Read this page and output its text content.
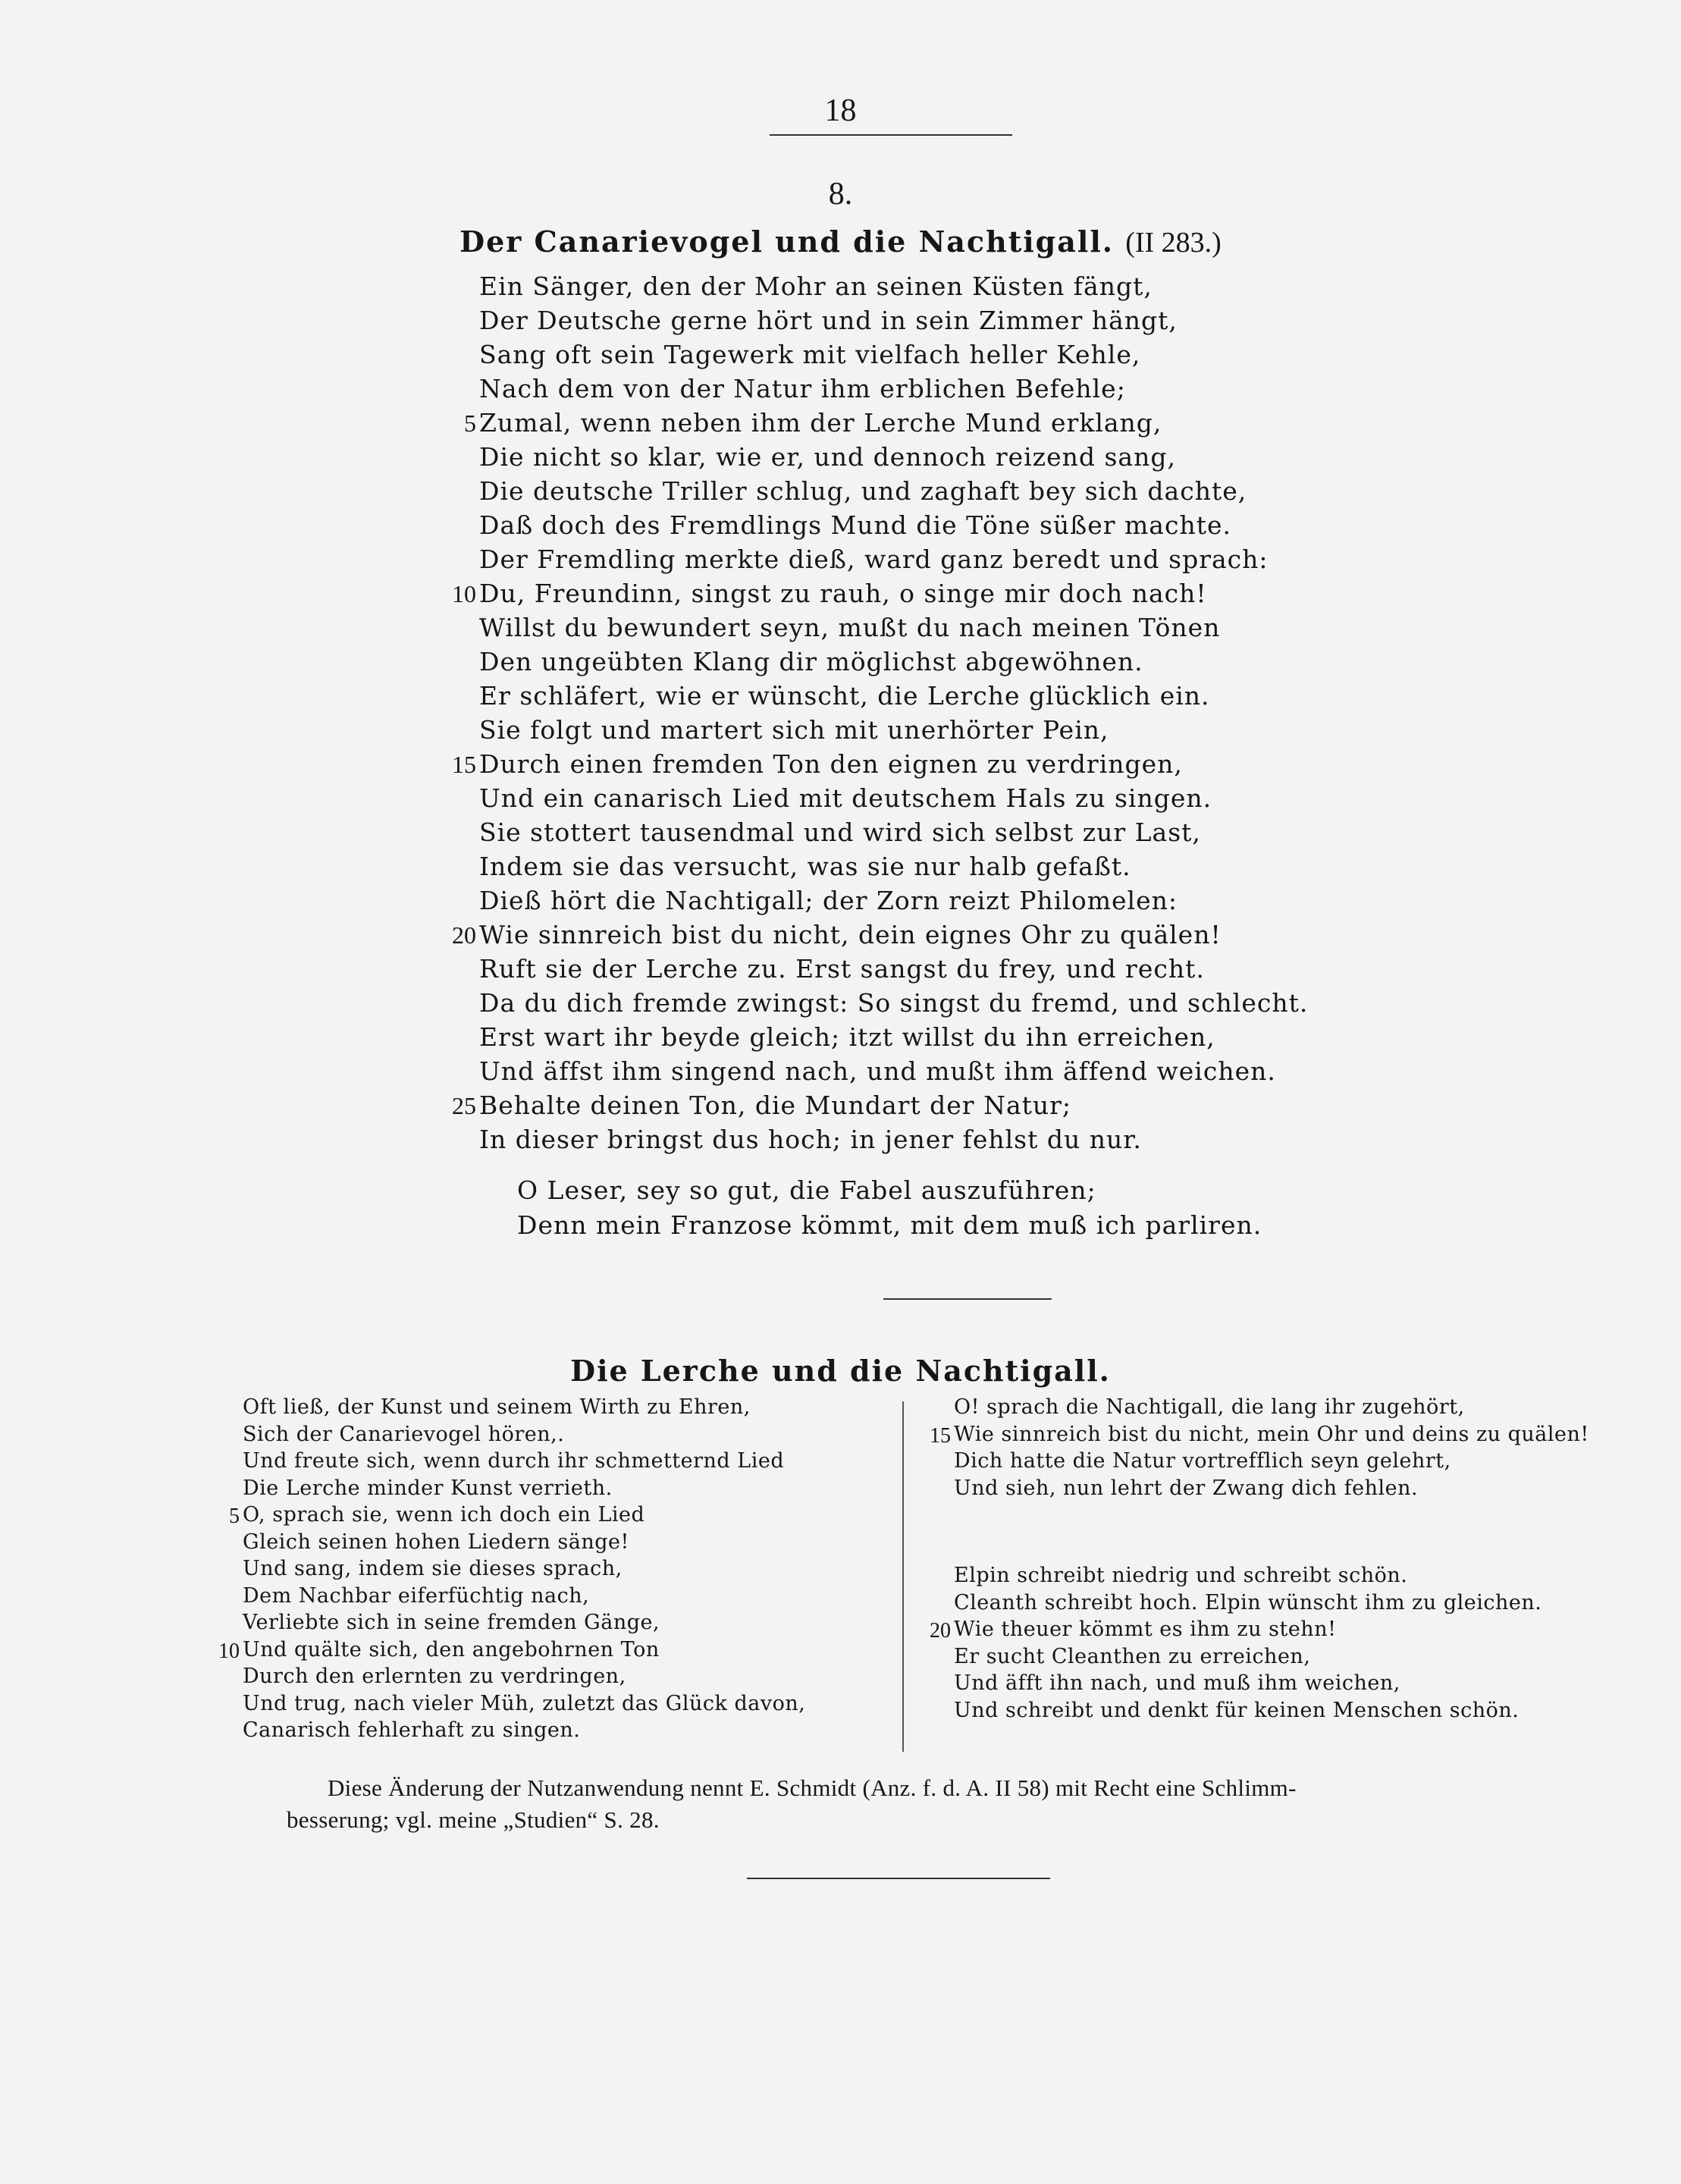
18
8.
Der Canarievogel und die Nachtigall. (II 283.)
Ein Sänger, den der Mohr an seinen Küsten fängt,
Der Deutsche gerne hört und in sein Zimmer hängt,
Sang oft sein Tagewerk mit vielfach heller Kehle,
Nach dem von der Natur ihm erblichen Befehle;
5 Zumal, wenn neben ihm der Lerche Mund erklang,
Die nicht so klar, wie er, und dennoch reizend sang,
Die deutsche Triller schlug, und zaghaft bey sich dachte,
Daß doch des Fremdlings Mund die Töne süßer machte.
Der Fremdling merkte dieß, ward ganz beredt und sprach:
10 Du, Freundinn, singst zu rauh, o singe mir doch nach!
Willst du bewundert seyn, mußt du nach meinen Tönen
Den ungeübten Klang dir möglichst abgewöhnen.
Er schläfert, wie er wünscht, die Lerche glücklich ein.
Sie folgt und martert sich mit unerhörter Pein,
15 Durch einen fremden Ton den eignen zu verdringen,
Und ein canarisch Lied mit deutschem Hals zu singen.
Sie stottert tausendmal und wird sich selbst zur Last,
Indem sie das versucht, was sie nur halb gefaßt.
Dieß hört die Nachtigall; der Zorn reizt Philomelen:
20 Wie sinnreich bist du nicht, dein eignes Ohr zu quälen!
Ruft sie der Lerche zu. Erst sangst du frey, und recht.
Da du dich fremde zwingst: So singst du fremd, und schlecht.
Erst wart ihr beyde gleich; itzt willst du ihn erreichen,
Und äffst ihm singend nach, und mußt ihm äffend weichen.
25 Behalte deinen Ton, die Mundart der Natur;
In dieser bringst dus hoch; in jener fehlst du nur.
O Leser, sey so gut, die Fabel auszuführen;
Denn mein Franzose kömmt, mit dem muß ich parliren.
Die Lerche und die Nachtigall.
Oft ließ, der Kunst und seinem Wirth zu Ehren,
Sich der Canarievogel hören,.
Und freute sich, wenn durch ihr schmetternd Lied
Die Lerche minder Kunst verrieth.
5 O, sprach sie, wenn ich doch ein Lied
Gleich seinen hohen Liedern sänge!
Und sang, indem sie dieses sprach,
Dem Nachbar eiferfüchtig nach,
Verliebte sich in seine fremden Gänge,
10 Und quälte sich, den angebohrnen Ton
Durch den erlernten zu verdringen,
Und trug, nach vieler Müh, zuletzt das Glück davon,
Canarisch fehlerhaft zu singen.
O! sprach die Nachtigall, die lang ihr zugehört,
15 Wie sinnreich bist du nicht, mein Ohr und deins zu quälen!
Dich hatte die Natur vortrefflich seyn gelehrt,
Und sieh, nun lehrt der Zwang dich fehlen.
Elpin schreibt niedrig und schreibt schön.
Cleanth schreibt hoch. Elpin wünscht ihm zu gleichen.
20 Wie theuer kömmt es ihm zu stehn!
Er sucht Cleanthen zu erreichen,
Und äfft ihn nach, und muß ihm weichen,
Und schreibt und denkt für keinen Menschen schön.
Diese Änderung der Nutzanwendung nennt E. Schmidt (Anz. f. d. A. II 58) mit Recht eine Schlimm-
besserung; vgl. meine „Studien“ S. 28.
